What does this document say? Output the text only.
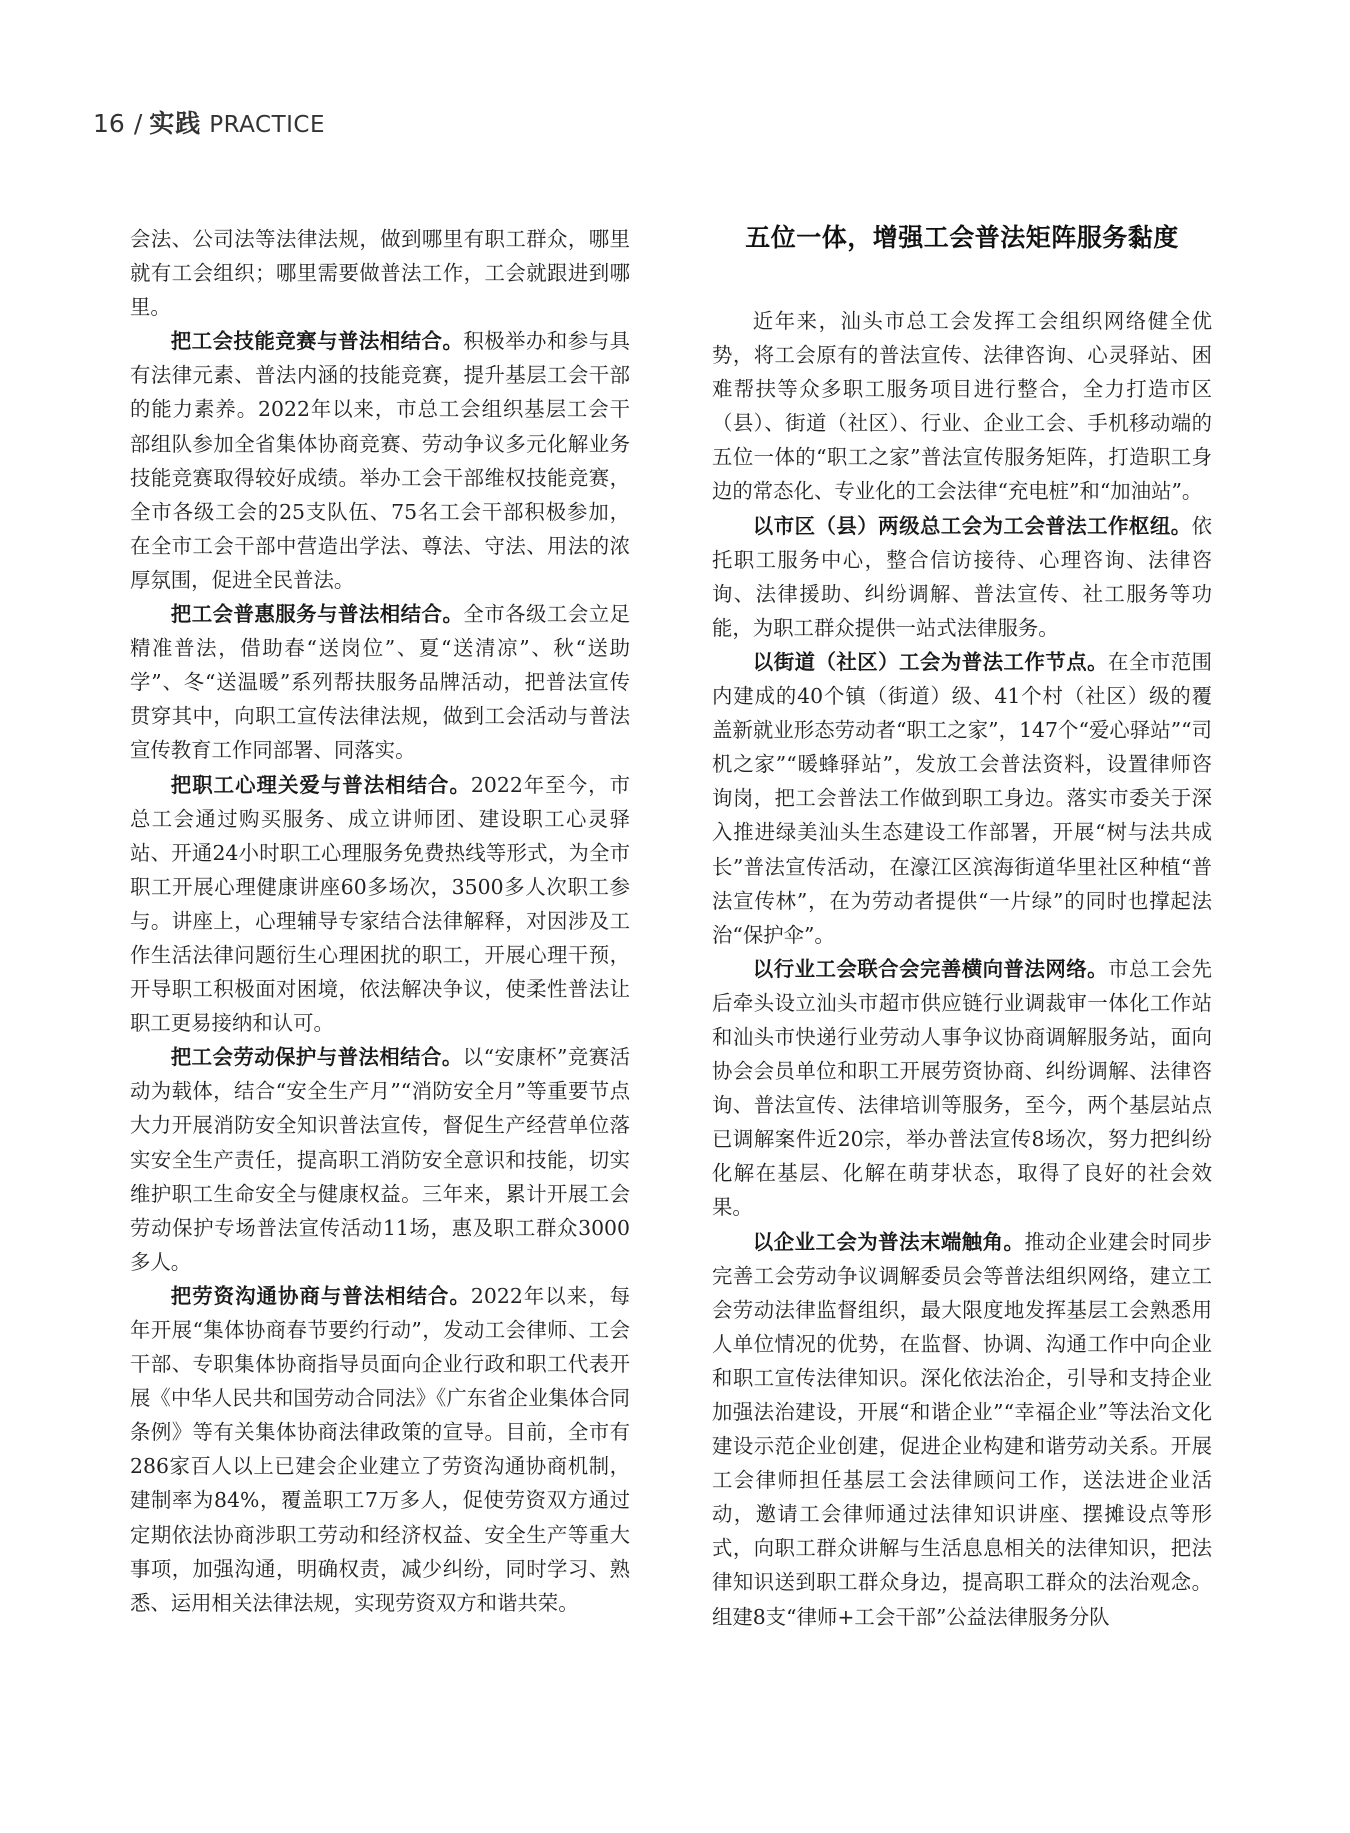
16 / 实践 PRACTICE

会法、公司法等法律法规，做到哪里有职工群众，哪里就有工会组织；哪里需要做普法工作，工会就跟进到哪里。

把工会技能竞赛与普法相结合。积极举办和参与具有法律元素、普法内涵的技能竞赛，提升基层工会干部的能力素养。2022年以来，市总工会组织基层工会干部组队参加全省集体协商竞赛、劳动争议多元化解业务技能竞赛取得较好成绩。举办工会干部维权技能竞赛，全市各级工会的25支队伍、75名工会干部积极参加，在全市工会干部中营造出学法、尊法、守法、用法的浓厚氛围，促进全民普法。

把工会普惠服务与普法相结合。全市各级工会立足精准普法，借助春“送岗位”、夏“送清凉”、秋“送助学”、冬“送温暖”系列帮扶服务品牌活动，把普法宣传贯穿其中，向职工宣传法律法规，做到工会活动与普法宣传教育工作同部署、同落实。

把职工心理关爱与普法相结合。2022年至今，市总工会通过购买服务、成立讲师团、建设职工心灵驿站、开通24小时职工心理服务免费热线等形式，为全市职工开展心理健康讲座60多场次，3500多人次职工参与。讲座上，心理辅导专家结合法律解释，对因涉及工作生活法律问题衍生心理困扰的职工，开展心理干预，开导职工积极面对困境，依法解决争议，使柔性普法让职工更易接纳和认可。

把工会劳动保护与普法相结合。以“安康杯”竞赛活动为载体，结合“安全生产月”“消防安全月”等重要节点大力开展消防安全知识普法宣传，督促生产经营单位落实安全生产责任，提高职工消防安全意识和技能，切实维护职工生命安全与健康权益。三年来，累计开展工会劳动保护专场普法宣传活动11场，惠及职工群众3000多人。

把劳资沟通协商与普法相结合。2022年以来，每年开展“集体协商春节要约行动”，发动工会律师、工会干部、专职集体协商指导员面向企业行政和职工代表开展《中华人民共和国劳动合同法》《广东省企业集体合同条例》等有关集体协商法律政策的宣导。目前，全市有286家百人以上已建会企业建立了劳资沟通协商机制，建制率为84%，覆盖职工7万多人，促使劳资双方通过定期依法协商涉职工劳动和经济权益、安全生产等重大事项，加强沟通，明确权责，减少纠纷，同时学习、熟悉、运用相关法律法规，实现劳资双方和谐共荣。

五位一体，增强工会普法矩阵服务黏度

近年来，汕头市总工会发挥工会组织网络健全优势，将工会原有的普法宣传、法律咨询、心灵驿站、困难帮扶等众多职工服务项目进行整合，全力打造市区（县）、街道（社区）、行业、企业工会、手机移动端的五位一体的“职工之家”普法宣传服务矩阵，打造职工身边的常态化、专业化的工会法律“充电桩”和“加油站”。

以市区（县）两级总工会为工会普法工作枢纽。依托职工服务中心，整合信访接待、心理咨询、法律咨询、法律援助、纠纷调解、普法宣传、社工服务等功能，为职工群众提供一站式法律服务。

以街道（社区）工会为普法工作节点。在全市范围内建成的40个镇（街道）级、41个村（社区）级的覆盖新就业形态劳动者“职工之家”，147个“爱心驿站”“司机之家”“暖蜂驿站”，发放工会普法资料，设置律师咨询岗，把工会普法工作做到职工身边。落实市委关于深入推进绿美汕头生态建设工作部署，开展“树与法共成长”普法宣传活动，在濠江区滨海街道华里社区种植“普法宣传林”，在为劳动者提供“一片绿”的同时也撑起法治“保护伞”。

以行业工会联合会完善横向普法网络。市总工会先后牵头设立汕头市超市供应链行业调裁审一体化工作站和汕头市快递行业劳动人事争议协商调解服务站，面向协会会员单位和职工开展劳资协商、纠纷调解、法律咨询、普法宣传、法律培训等服务，至今，两个基层站点已调解案件近20宗，举办普法宣传8场次，努力把纠纷化解在基层、化解在萌芽状态，取得了良好的社会效果。

以企业工会为普法末端触角。推动企业建会时同步完善工会劳动争议调解委员会等普法组织网络，建立工会劳动法律监督组织，最大限度地发挥基层工会熟悉用人单位情况的优势，在监督、协调、沟通工作中向企业和职工宣传法律知识。深化依法治企，引导和支持企业加强法治建设，开展“和谐企业”“幸福企业”等法治文化建设示范企业创建，促进企业构建和谐劳动关系。开展工会律师担任基层工会法律顾问工作，送法进企业活动，邀请工会律师通过法律知识讲座、摆摊设点等形式，向职工群众讲解与生活息息相关的法律知识，把法律知识送到职工群众身边，提高职工群众的法治观念。组建8支“律师+工会干部”公益法律服务分队
